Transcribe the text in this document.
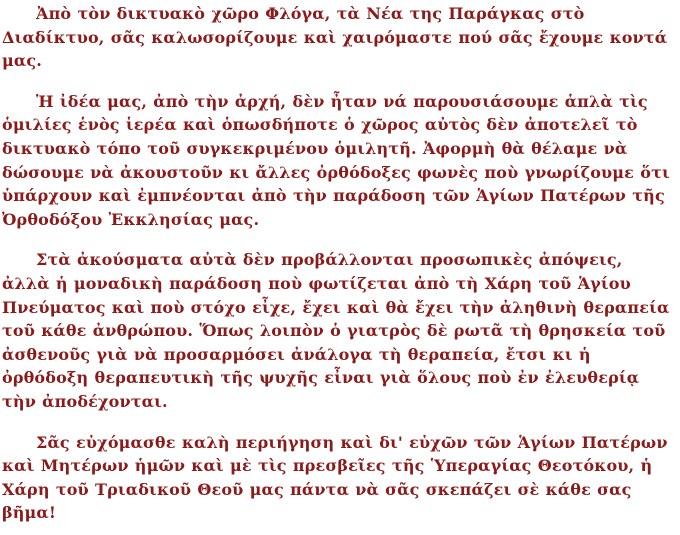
Ἀπὸ τὸν δικτυακὸ χῶρο Φλόγα, τὰ Νέα της Παράγκας στὸ Διαδίκτυο, σᾶς καλωσορίζουμε καὶ χαιρόμαστε πού σᾶς ἔχουμε κοντά μας.

Ἡ ἰδέα μας, ἀπὸ τὴν ἀρχή, δὲν ἦταν νά παρουσιάσουμε ἁπλὰ τὶς ὁμιλίες ἑνὸς ἱερέα καὶ ὁπωσδήποτε ὁ χῶρος αὐτὸς δὲν ἀποτελεῖ τὸ δικτυακὸ τόπο τοῦ συγκεκριμένου ὁμιλητῆ. Ἀφορμὴ θὰ θέλαμε νὰ δώσουμε νὰ ἀκουστοῦν κι ἄλλες ὀρθόδοξες φωνὲς ποὺ γνωρίζουμε ὅτι ὑπάρχουν καὶ ἐμπνέονται ἀπὸ τὴν παράδοση τῶν Ἁγίων Πατέρων τῆς Ὀρθοδόξου Ἐκκλησίας μας.

Στὰ ἀκούσματα αὐτὰ δὲν προβάλλονται προσωπικὲς ἀπόψεις, ἀλλὰ ἡ μοναδικὴ παράδοση ποὺ φωτίζεται ἀπὸ τὴ Χάρη τοῦ Ἁγίου Πνεύματος καὶ ποὺ στόχο εἶχε, ἔχει καὶ θὰ ἔχει τὴν ἀληθινὴ θεραπεία τοῦ κάθε ἀνθρώπου. Ὅπως λοιπὸν ὁ γιατρὸς δὲ ρωτᾶ τὴ θρησκεία τοῦ ἀσθενοῦς γιὰ νὰ προσαρμόσει ἀνάλογα τὴ θεραπεία, ἔτσι κι ἡ ὀρθόδοξη θεραπευτικὴ τῆς ψυχῆς εἶναι γιὰ ὅλους ποὺ ἐν ἐλευθερίᾳ τὴν ἀποδέχονται.

Σᾶς εὐχόμασθε καλὴ περιήγηση καὶ δι' εὐχῶν τῶν Ἁγίων Πατέρων καὶ Μητέρων ἡμῶν καὶ μὲ τὶς πρεσβεῖες τῆς Ὑπεραγίας Θεοτόκου, ἡ Χάρη τοῦ Τριαδικοῦ Θεοῦ μας πάντα νὰ σᾶς σκεπάζει σὲ κάθε σας βῆμα!
